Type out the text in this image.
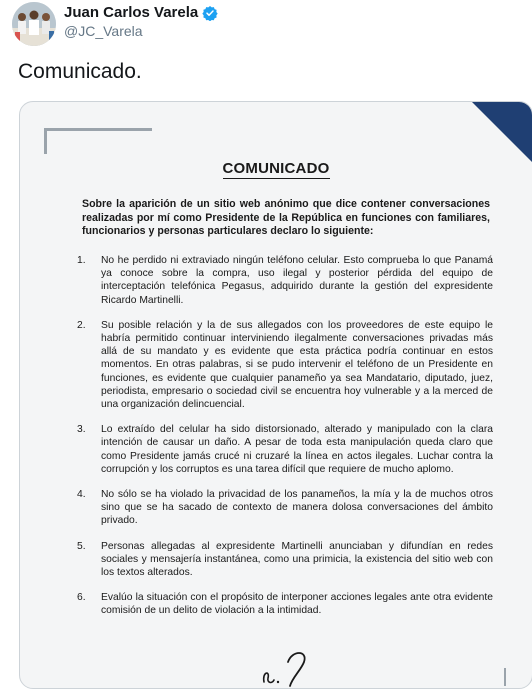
Juan Carlos Varela
@JC_Varela
Comunicado.
COMUNICADO
Sobre la aparición de un sitio web anónimo que dice contener conversaciones realizadas por mí como Presidente de la República en funciones con familiares, funcionarios y personas particulares declaro lo siguiente:
1.	No he perdido ni extraviado ningún teléfono celular. Esto comprueba lo que Panamá ya conoce sobre la compra, uso ilegal y posterior pérdida del equipo de interceptación telefónica Pegasus, adquirido durante la gestión del expresidente Ricardo Martinelli.
2.	Su posible relación y la de sus allegados con los proveedores de este equipo le habría permitido continuar interviniendo ilegalmente conversaciones privadas más allá de su mandato y es evidente que esta práctica podría continuar en estos momentos. En otras palabras, si se pudo intervenir el teléfono de un Presidente en funciones, es evidente que cualquier panameño ya sea Mandatario, diputado, juez, periodista, empresario o sociedad civil se encuentra hoy vulnerable y a la merced de una organización delincuencial.
3.	Lo extraído del celular ha sido distorsionado, alterado y manipulado con la clara intención de causar un daño. A pesar de toda esta manipulación queda claro que como Presidente jamás crucé ni cruzaré la línea en actos ilegales. Luchar contra la corrupción y los corruptos es una tarea difícil que requiere de mucho aplomo.
4.	No sólo se ha violado la privacidad de los panameños, la mía y la de muchos otros sino que se ha sacado de contexto de manera dolosa conversaciones del ámbito privado.
5.	Personas allegadas al expresidente Martinelli anunciaban y difundían en redes sociales y mensajería instantánea, como una primicia, la existencia del sitio web con los textos alterados.
6.	Evalúo la situación con el propósito de interponer acciones legales ante otra evidente comisión de un delito de violación a la intimidad.
